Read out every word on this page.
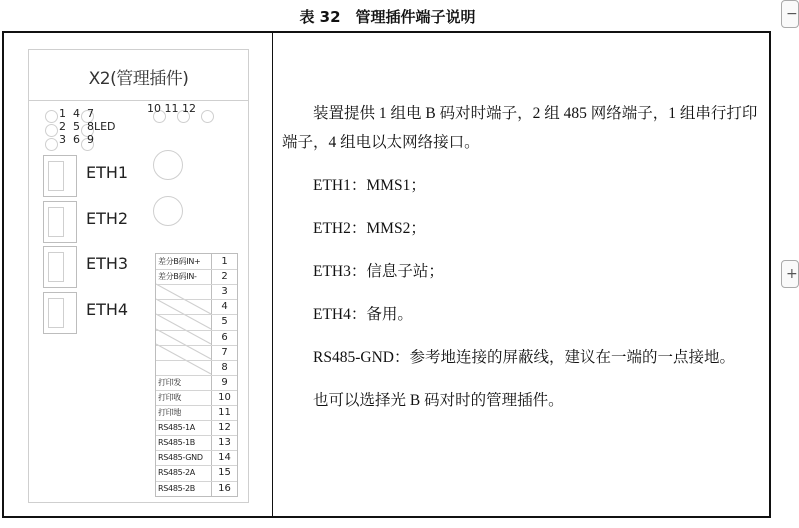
表 32　管理插件端子说明	−
+
X2(管理插件)
1  4  7
2  5  8LED
3  6  9
10 11 12
ETH1
ETH2
ETH3
ETH4
差分B码IN+	1
差分B码IN-	2
3
4
5
6
7
8
打印发	9
打印收	10
打印地	11
RS485-1A	12
RS485-1B	13
RS485-GND	14
RS485-2A	15
RS485-2B	16

装置提供 1 组电 B 码对时端子，2 组 485 网络端子，1 组串行打印端子，4 组电以太网络接口。

ETH1：MMS1；

ETH2：MMS2；

ETH3：信息子站；

ETH4：备用。

RS485-GND：参考地连接的屏蔽线，建议在一端的一点接地。

也可以选择光 B 码对时的管理插件。
